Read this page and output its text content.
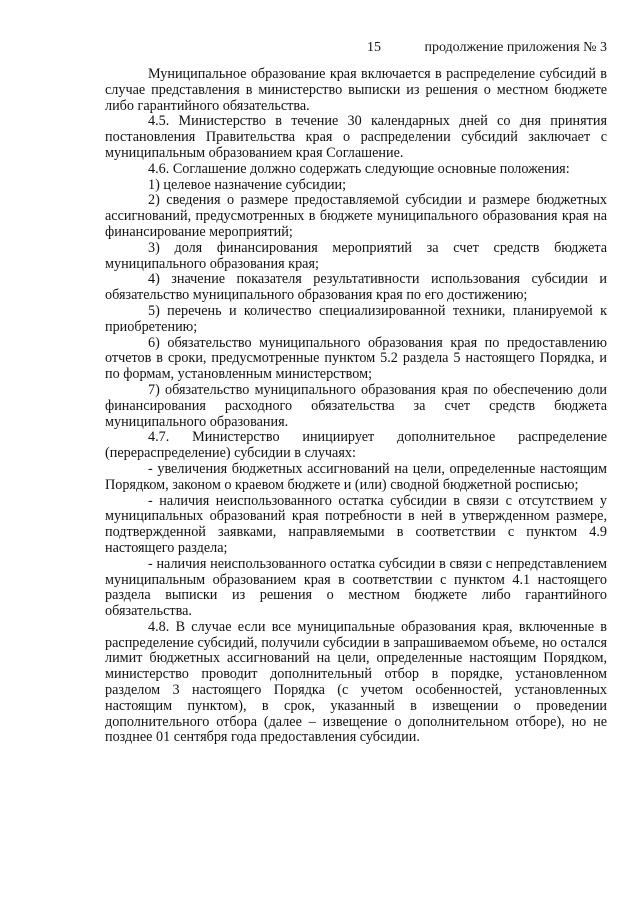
15	продолжение приложения № 3

Муниципальное образование края включается в распределение субсидий в случае представления в министерство выписки из решения о местном бюджете либо гарантийного обязательства.

4.5. Министерство в течение 30 календарных дней со дня принятия постановления Правительства края о распределении субсидий заключает с муниципальным образованием края Соглашение.

4.6. Соглашение должно содержать следующие основные положения:

1) целевое назначение субсидии;

2) сведения о размере предоставляемой субсидии и размере бюджетных ассигнований, предусмотренных в бюджете муниципального образования края на финансирование мероприятий;

3) доля финансирования мероприятий за счет средств бюджета муниципального образования края;

4) значение показателя результативности использования субсидии и обязательство муниципального образования края по его достижению;

5) перечень и количество специализированной техники, планируемой к приобретению;

6) обязательство муниципального образования края по предоставлению отчетов в сроки, предусмотренные пунктом 5.2 раздела 5 настоящего Порядка, и по формам, установленным министерством;

7) обязательство муниципального образования края по обеспечению доли финансирования расходного обязательства за счет средств бюджета муниципального образования.

4.7. Министерство инициирует дополнительное распределение (перераспределение) субсидии в случаях:

- увеличения бюджетных ассигнований на цели, определенные настоящим Порядком, законом о краевом бюджете и (или) сводной бюджетной росписью;

- наличия неиспользованного остатка субсидии в связи с отсутствием у муниципальных образований края потребности в ней в утвержденном размере, подтвержденной заявками, направляемыми в соответствии с пунктом 4.9 настоящего раздела;

- наличия неиспользованного остатка субсидии в связи с непредставлением муниципальным образованием края в соответствии с пунктом 4.1 настоящего раздела выписки из решения о местном бюджете либо гарантийного обязательства.

4.8. В случае если все муниципальные образования края, включенные в распределение субсидий, получили субсидии в запрашиваемом объеме, но остался лимит бюджетных ассигнований на цели, определенные настоящим Порядком, министерство проводит дополнительный отбор в порядке, установленном разделом 3 настоящего Порядка (с учетом особенностей, установленных настоящим пунктом), в срок, указанный в извещении о проведении дополнительного отбора (далее – извещение о дополнительном отборе), но не позднее 01 сентября года предоставления субсидии.
